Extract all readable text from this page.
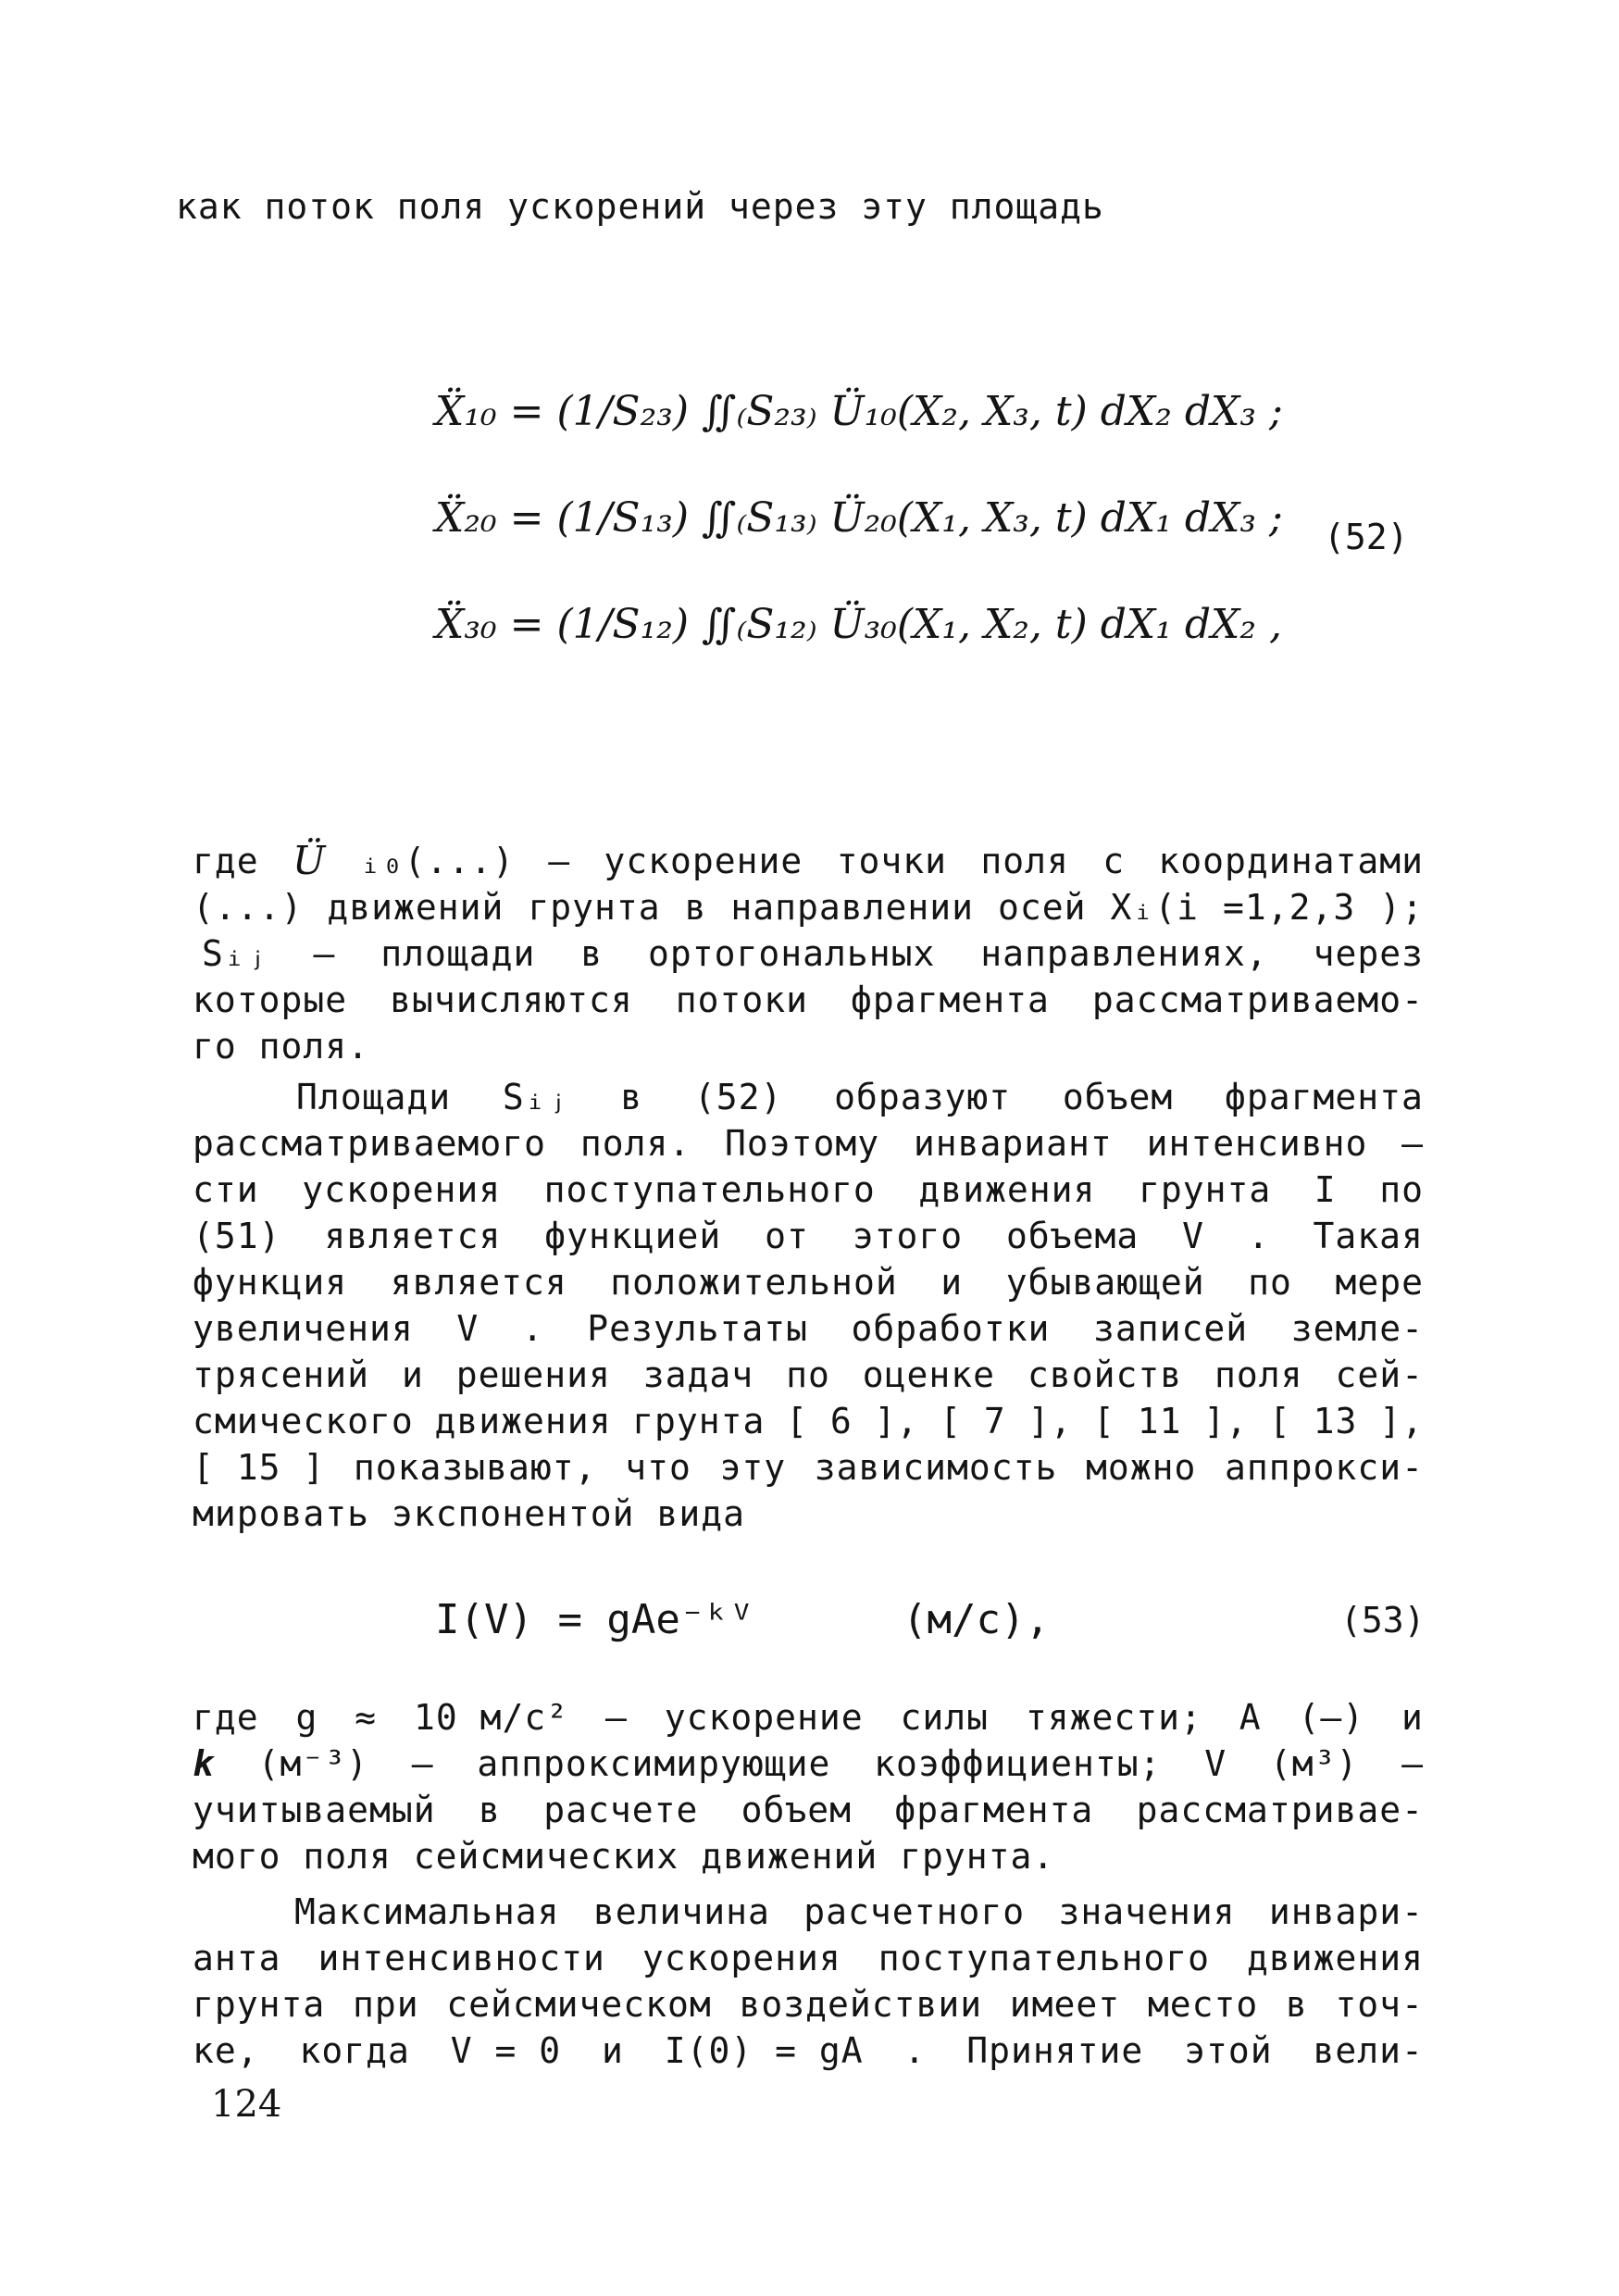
как поток поля ускорений через эту площадь
Ẍ₁₀ = (1/S₂₃) ∬₍S₂₃₎ Ü₁₀(X₂, X₃, t) dX₂ dX₃ ;
Ẍ₂₀ = (1/S₁₃) ∬₍S₁₃₎ Ü₂₀(X₁, X₃, t) dX₁ dX₃ ;
Ẍ₃₀ = (1/S₁₂) ∬₍S₁₂₎ Ü₃₀(X₁, X₂, t) dX₁ dX₂ ,
(52)
где Ü ᵢ₀(...) – ускорение точки поля с координатами
(...) движений грунта в направлении осей Xᵢ(i =1,2,3 );
Sᵢⱼ – площади в ортогональных направлениях, через
которые вычисляются потоки фрагмента рассматриваемо-
го поля.
Площади Sᵢⱼ в (52) образуют объем фрагмента
рассматриваемого поля. Поэтому инвариант интенсивно –
сти ускорения поступательного движения грунта I по
(51) является функцией от этого объема V . Такая
функция является положительной и убывающей по мере
увеличения V . Результаты обработки записей земле-
трясений и решения задач по оценке свойств поля сей-
смического движения грунта [ 6 ], [ 7 ], [ 11 ], [ 13 ],
[ 15 ] показывают, что эту зависимость можно аппрокси-
мировать экспонентой вида
I(V) = gAe⁻ᵏⱽ	(м/с),	(53)
где g ≈ 10 м/с² – ускорение силы тяжести; A (–) и
k (м⁻³) – аппроксимирующие коэффициенты; V (м³) –
учитываемый в расчете объем фрагмента рассматривае-
мого поля сейсмических движений грунта.
Максимальная величина расчетного значения инвари-
анта интенсивности ускорения поступательного движения
грунта при сейсмическом воздействии имеет место в точ-
ке, когда V = 0 и I(0) = gA . Принятие этой вели-
124
